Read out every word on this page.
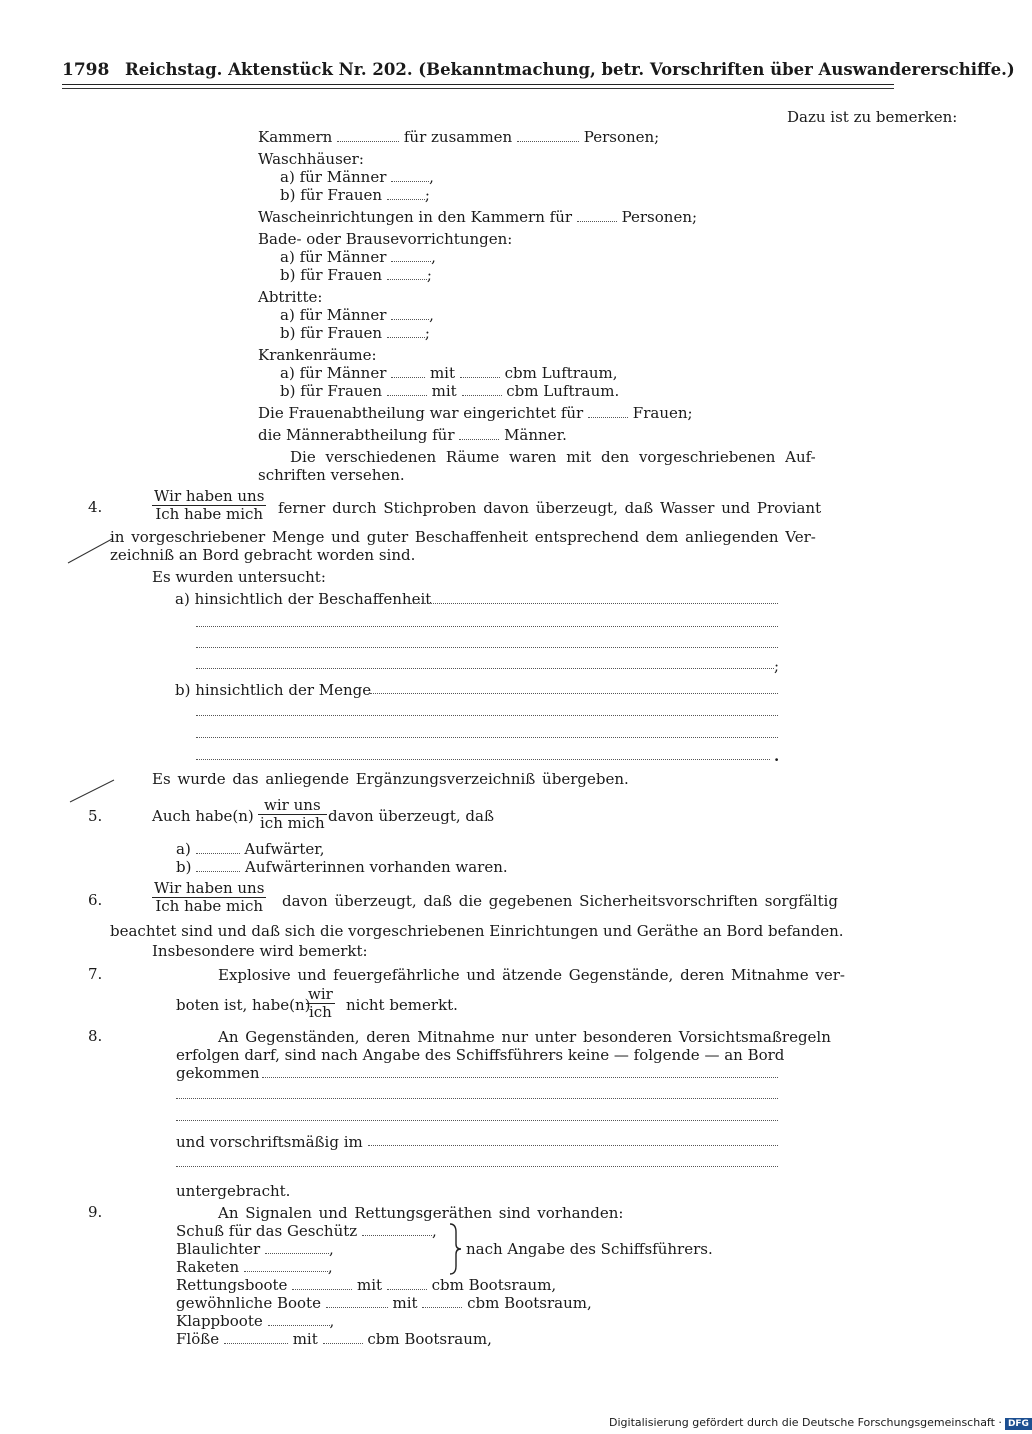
1798 Reichstag. Aktenstück Nr. 202. (Bekanntmachung, betr. Vorschriften über Auswandererschiffe.)
Dazu ist zu bemerken:
Kammern	für zusammen	Personen;
Waschhäuser:
a) für Männer	,
b) für Frauen	;
Wascheinrichtungen in den Kammern für	Personen;
Bade- oder Brausevorrichtungen:
a) für Männer	,
b) für Frauen	;
Abtritte:
a) für Männer	,
b) für Frauen	;
Krankenräume:
a) für Männer	mit	cbm Luftraum,
b) für Frauen	mit	cbm Luftraum.
Die Frauenabtheilung war eingerichtet für	Frauen;
die Männerabtheilung für	Männer.
Die verschiedenen Räume waren mit den vorgeschriebenen Auf-
schriften versehen.
4.
Wir haben uns
Ich habe mich ferner durch Stichproben davon überzeugt, daß Wasser und Proviant
in vorgeschriebener Menge und guter Beschaffenheit entsprechend dem anliegenden Ver-
zeichniß an Bord gebracht worden sind.
Es wurden untersucht:
a) hinsichtlich der Beschaffenheit
;
b) hinsichtlich der Menge
.
Es wurde das anliegende Ergänzungsverzeichniß übergeben.
5.	Auch habe(n)
wir uns
ich mich davon überzeugt, daß
a)	Aufwärter,
b)	Aufwärterinnen vorhanden waren.
6.
Wir haben uns
Ich habe mich davon überzeugt, daß die gegebenen Sicherheitsvorschriften sorgfältig
beachtet sind und daß sich die vorgeschriebenen Einrichtungen und Geräthe an Bord befanden.
Insbesondere wird bemerkt:
7.	Explosive und feuergefährliche und ätzende Gegenstände, deren Mitnahme ver-
boten ist, habe(n)
wir
ich nicht bemerkt.
8.	An Gegenständen, deren Mitnahme nur unter besonderen Vorsichtsmaßregeln
erfolgen darf, sind nach Angabe des Schiffsführers keine — folgende — an Bord
gekommen
und vorschriftsmäßig im
untergebracht.
9.	An Signalen und Rettungsgeräthen sind vorhanden:
Schuß für das Geschütz	,
Blaulichter	,
Raketen	,
nach Angabe des Schiffsführers.
Rettungsboote	mit	cbm Bootsraum,
gewöhnliche Boote	mit	cbm Bootsraum,
Klappboote	,
Flöße	mit	cbm Bootsraum,
Digitalisierung gefördert durch die Deutsche Forschungsgemeinschaft · DFG
